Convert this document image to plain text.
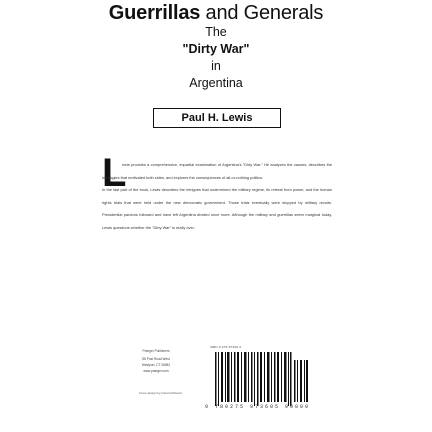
Guerrillas and Generals
The
"Dirty War"
in
Argentina
Paul H. Lewis
L

ewis provides a comprehensive, impartial examination of Argentina's "Dirty War." He analyzes the causes, describes the ideologies that motivated both sides, and explores the consequences of all-or-nothing politics.

In the last part of the book, Lewis describes the intrigues that undermined the military regime, its retreat from power, and the human rights trials that were held under the new democratic government. Those trials eventually were stopped by military revolts. Presidential pardons followed and have left Argentina divided once more. Although the military and guerrillas seem marginal today, Lewis questions whether the "Dirty War" is really over.

Praeger Publishers
88 Post Road West
Westport, CT 06881
www.praeger.com
Cover design by Carol Hoffmann
ISBN 0-275-97360-3
9 780275 973605 90000
